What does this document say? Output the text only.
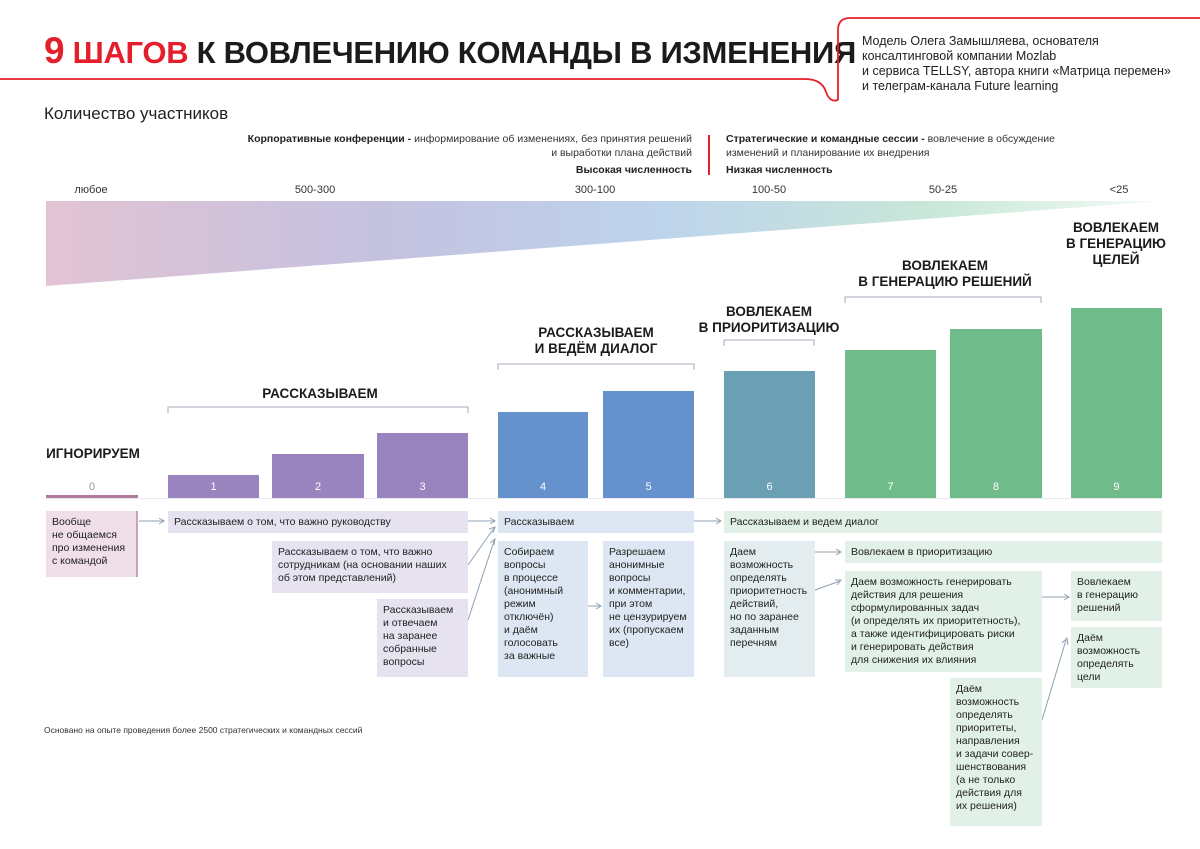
9 ШАГОВ К ВОВЛЕЧЕНИЮ КОМАНДЫ В ИЗМЕНЕНИЯ Модель Олега Замышляева, основателя
консалтинговой компании Mozlab
и сервиса TELLSY, автора книги «Матрица перемен»
и телеграм-канала Future learning
Количество участников
Корпоративные конференции - информирование об изменениях, без принятия решений
и выработки плана действий
Высокая численность
Стратегические и командные сессии - вовлечение в обсуждение
изменений и планирование их внедрения
Низкая численность
любое	500-300	300-100	100-50	50-25	<25
ИГНОРИРУЕМ
РАССКАЗЫВАЕМ
РАССКАЗЫВАЕМ
И ВЕДЁМ ДИАЛОГ
ВОВЛЕКАЕМ
В ПРИОРИТИЗАЦИЮ
ВОВЛЕКАЕМ
В ГЕНЕРАЦИЮ РЕШЕНИЙ
ВОВЛЕКАЕМ
В ГЕНЕРАЦИЮ
ЦЕЛЕЙ
0	1	2	3	4	5	6	7	8	9
Вообще
не общаемся
про изменения
с командой
Рассказываем о том, что важно руководству
Рассказываем о том, что важно
сотрудникам (на основании наших
об этом представлений)
Рассказываем
и отвечаем
на заранее
собранные
вопросы
Рассказываем
Собираем
вопросы
в процессе
(анонимный
режим
отключён)
и даём
голосовать
за важные
Разрешаем
анонимные
вопросы
и комментарии,
при этом
не цензурируем
их (пропускаем
все)
Рассказываем и ведем диалог
Даем
возможность
определять
приоритетность
действий,
но по заранее
заданным
перечням
Вовлекаем в приоритизацию
Даем возможность генерировать
действия для решения
сформулированных задач
(и определять их приоритетность),
а также идентифицировать риски
и генерировать действия
для снижения их влияния
Даём
возможность
определять
приоритеты,
направления
и задачи совер-
шенствования
(а не только
действия для
их решения)
Вовлекаем
в генерацию
решений
Даём
возможность
определять
цели
Основано на опыте проведения более 2500 стратегических и командных сессий
